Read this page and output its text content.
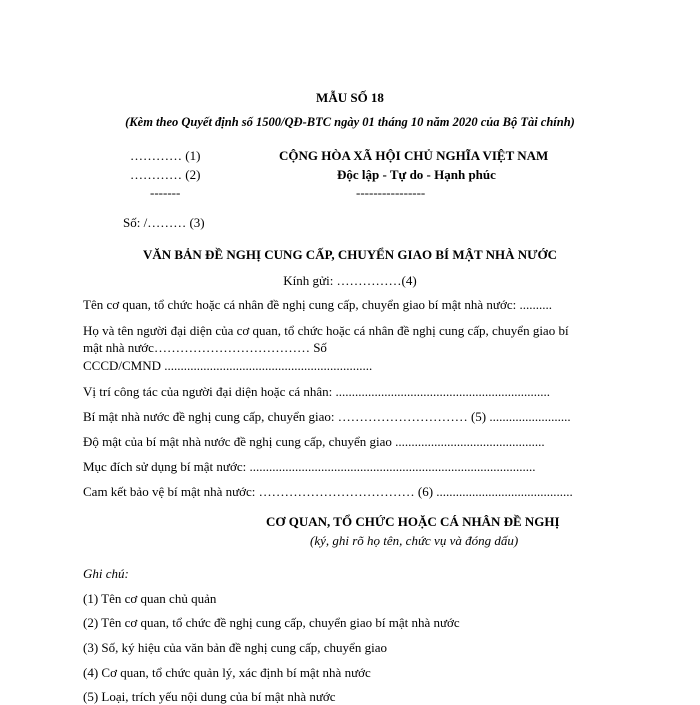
MẪU SỐ 18
(Kèm theo Quyết định số 1500/QĐ-BTC ngày 01 tháng 10 năm 2020 của Bộ Tài chính)
………… (1)
………… (2)
-------
Số: /……… (3)
CỘNG HÒA XÃ HỘI CHỦ NGHĨA VIỆT NAM
Độc lập - Tự do - Hạnh phúc
----------------
VĂN BẢN ĐỀ NGHỊ CUNG CẤP, CHUYỂN GIAO BÍ MẬT NHÀ NƯỚC
Kính gửi: ……………(4)
Tên cơ quan, tổ chức hoặc cá nhân đề nghị cung cấp, chuyển giao bí mật nhà nước: ..........
Họ và tên người đại diện của cơ quan, tổ chức hoặc cá nhân đề nghị cung cấp, chuyển giao bí
mật nhà nước……………………………… Số
CCCD/CMND ................................................................
Vị trí công tác của người đại diện hoặc cá nhân: ..................................................................
Bí mật nhà nước đề nghị cung cấp, chuyển giao: ………………………… (5) .........................
Độ mật của bí mật nhà nước đề nghị cung cấp, chuyển giao ..............................................
Mục đích sử dụng bí mật nước: ........................................................................................
Cam kết bảo vệ bí mật nhà nước: ……………………………… (6) ..........................................
CƠ QUAN, TỔ CHỨC HOẶC CÁ NHÂN ĐỀ NGHỊ
(ký, ghi rõ họ tên, chức vụ và đóng dấu)
Ghi chú:
(1) Tên cơ quan chủ quản
(2) Tên cơ quan, tổ chức đề nghị cung cấp, chuyển giao bí mật nhà nước
(3) Số, ký hiệu của văn bản đề nghị cung cấp, chuyển giao
(4) Cơ quan, tổ chức quản lý, xác định bí mật nhà nước
(5) Loại, trích yếu nội dung của bí mật nhà nước
